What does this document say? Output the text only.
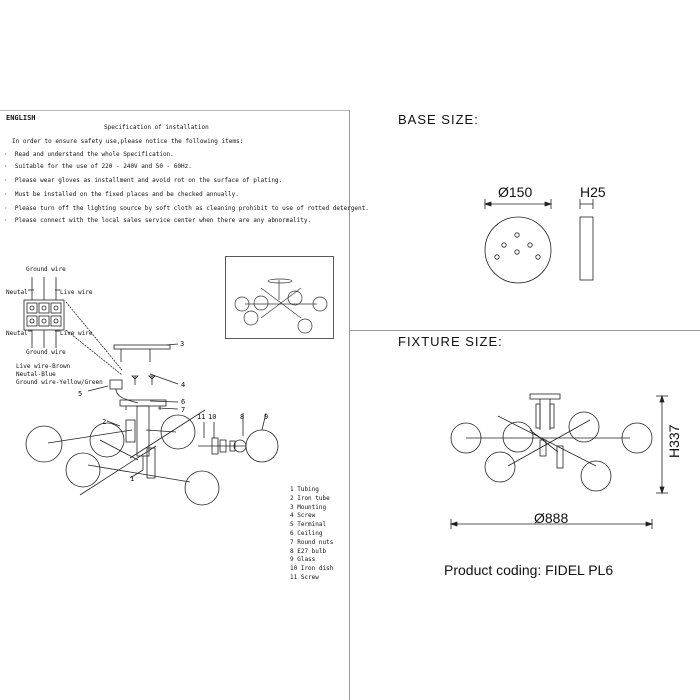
ENGLISH
Specification of installation
In order to ensure safety use,please notice the following items:
·  Read and understand the whole Specification.
·  Suitable for the use of 220 - 240V and 50 - 60Hz.
·  Please wear gloves as installment and avoid rot on the surface of plating.
·  Must be installed on the fixed places and be checked annually.
·  Please turn off the lighting source by soft cloth as cleaning prohibit to use of rotted detergent.
·  Please connect with the local sales service center when there are any abnormality.
Ground wire
Neutal	Live wire
Neutal	Live wire
Ground wire
Live wire-Brown
Neutal-Blue
Ground wire-Yellow/Green
2
3
4
5
6
7
8	9
10
11
1
1 Tubing
2 Iron tube
3 Mounting
4 Screw
5 Terminal
6 Ceiling
7 Round nuts
8 E27 bulb
9 Glass
10 Iron dish
11 Screw
BASE SIZE:
Ø150	H25
FIXTURE SIZE:
Ø888
H337
Product coding: FIDEL PL6
